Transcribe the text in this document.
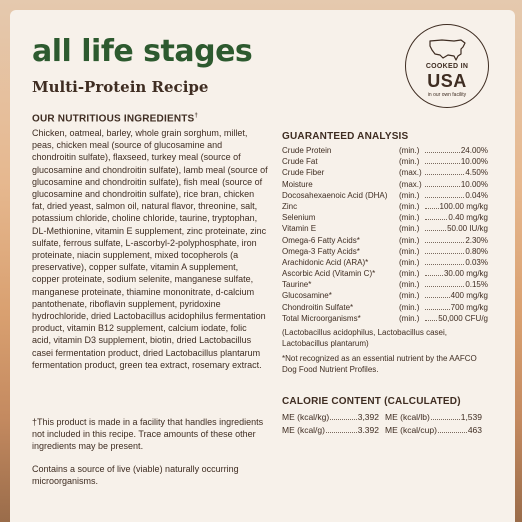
all life stages
Multi-Protein Recipe
COOKED IN
USA
in our own facility
OUR NUTRITIOUS INGREDIENTS†
Chicken, oatmeal, barley, whole grain sorghum, millet, peas, chicken meal (source of glucosamine and chondroitin sulfate), flaxseed, turkey meal (source of glucosamine and chondroitin sulfate), lamb meal (source of glucosamine and chondroitin sulfate), fish meal (source of glucosamine and chondroitin sulfate), rice bran, chicken fat, dried yeast, salmon oil, natural flavor, threonine, salt, potassium chloride, choline chloride, taurine, tryptophan, DL-Methionine, vitamin E supplement, zinc proteinate, zinc sulfate, ferrous sulfate, L-ascorbyl-2-polyphosphate, iron proteinate, niacin supplement, mixed tocopherols (a preservative), copper sulfate, vitamin A supplement, copper proteinate, sodium selenite, manganese sulfate, manganese proteinate, thiamine mononitrate, d-calcium pantothenate, riboflavin supplement, pyridoxine hydrochloride, dried Lactobacillus acidophilus fermentation product, vitamin B12 supplement, calcium iodate, folic acid, vitamin D3 supplement, biotin, dried Lactobacillus casei fermentation product, dried Lactobacillus plantarum fermentation product, green tea extract, rosemary extract.
†This product is made in a facility that handles ingredients not included in this recipe. Trace amounts of these other ingredients may be present.
Contains a source of live (viable) naturally occurring microorganisms.
GUARANTEED ANALYSIS
Crude Protein	(min.)	24.00%
Crude Fat	(min.)	10.00%
Crude Fiber	(max.)	4.50%
Moisture	(max.)	10.00%
Docosahexaenoic Acid (DHA)	(min.)	0.04%
Zinc	(min.)	100.00 mg/kg
Selenium	(min.)	0.40 mg/kg
Vitamin E	(min.)	50.00 IU/kg
Omega-6 Fatty Acids*	(min.)	2.30%
Omega-3 Fatty Acids*	(min.)	0.80%
Arachidonic Acid (ARA)*	(min.)	0.03%
Ascorbic Acid (Vitamin C)*	(min.)	30.00 mg/kg
Taurine*	(min.)	0.15%
Glucosamine*	(min.)	400 mg/kg
Chondroitin Sulfate*	(min.)	700 mg/kg
Total Microorganisms*	(min.)	50,000 CFU/g
(Lactobacillus acidophilus, Lactobacillus casei, Lactobacillus plantarum)
*Not recognized as an essential nutrient by the AAFCO Dog Food Nutrient Profiles.
CALORIE CONTENT (CALCULATED)
ME (kcal/kg)	3,392 ME (kcal/lb)	1,539
ME (kcal/g)	3.392 ME (kcal/cup)	463
